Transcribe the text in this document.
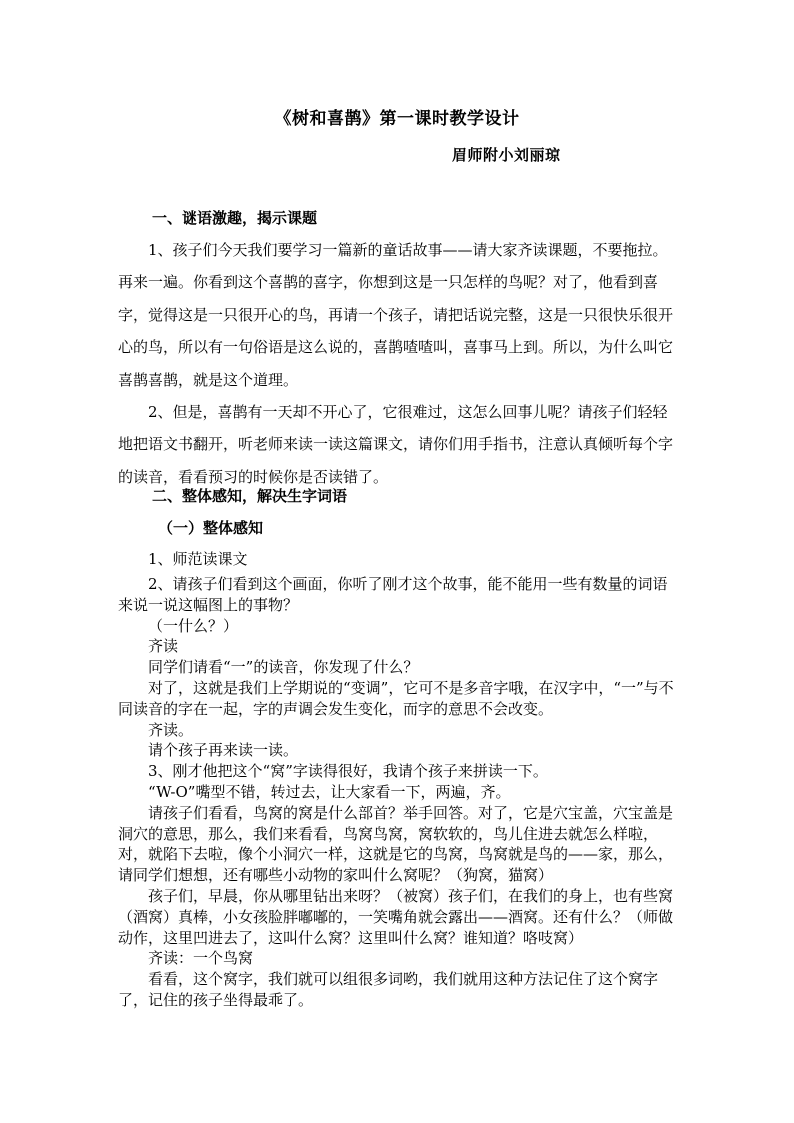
《树和喜鹊》第一课时教学设计
眉师附小刘丽琼
一、谜语激趣，揭示课题

1、孩子们今天我们要学习一篇新的童话故事——请大家齐读课题，不要拖拉。再来一遍。你看到这个喜鹊的喜字，你想到这是一只怎样的鸟呢？对了，他看到喜字，觉得这是一只很开心的鸟，再请一个孩子，请把话说完整，这是一只很快乐很开心的鸟，所以有一句俗语是这么说的，喜鹊喳喳叫，喜事马上到。所以，为什么叫它喜鹊喜鹊，就是这个道理。

2、但是，喜鹊有一天却不开心了，它很难过，这怎么回事儿呢？请孩子们轻轻地把语文书翻开，听老师来读一读这篇课文，请你们用手指书，注意认真倾听每个字的读音，看看预习的时候你是否读错了。

二、整体感知，解决生字词语
（一）整体感知

1、师范读课文

2、请孩子们看到这个画面，你听了刚才这个故事，能不能用一些有数量的词语来说一说这幅图上的事物？

（一什么？）

齐读

同学们请看“一”的读音，你发现了什么？

对了，这就是我们上学期说的“变调”，它可不是多音字哦，在汉字中，“一”与不同读音的字在一起，字的声调会发生变化，而字的意思不会改变。

齐读。

请个孩子再来读一读。

3、刚才他把这个“窝”字读得很好，我请个孩子来拼读一下。

“W-O”嘴型不错，转过去，让大家看一下，两遍，齐。

请孩子们看看，鸟窝的窝是什么部首？举手回答。对了，它是穴宝盖，穴宝盖是洞穴的意思，那么，我们来看看，鸟窝鸟窝，窝软软的，鸟儿住进去就怎么样啦，对，就陷下去啦，像个小洞穴一样，这就是它的鸟窝，鸟窝就是鸟的——家，那么，请同学们想想，还有哪些小动物的家叫什么窝呢？（狗窝，猫窝）

孩子们，早晨，你从哪里钻出来呀？（被窝）孩子们，在我们的身上，也有些窝（酒窝）真棒，小女孩脸胖嘟嘟的，一笑嘴角就会露出——酒窝。还有什么？（师做动作，这里凹进去了，这叫什么窝？这里叫什么窝？谁知道？咯吱窝）

齐读：一个鸟窝

看看，这个窝字，我们就可以组很多词哟，我们就用这种方法记住了这个窝字了，记住的孩子坐得最乖了。
